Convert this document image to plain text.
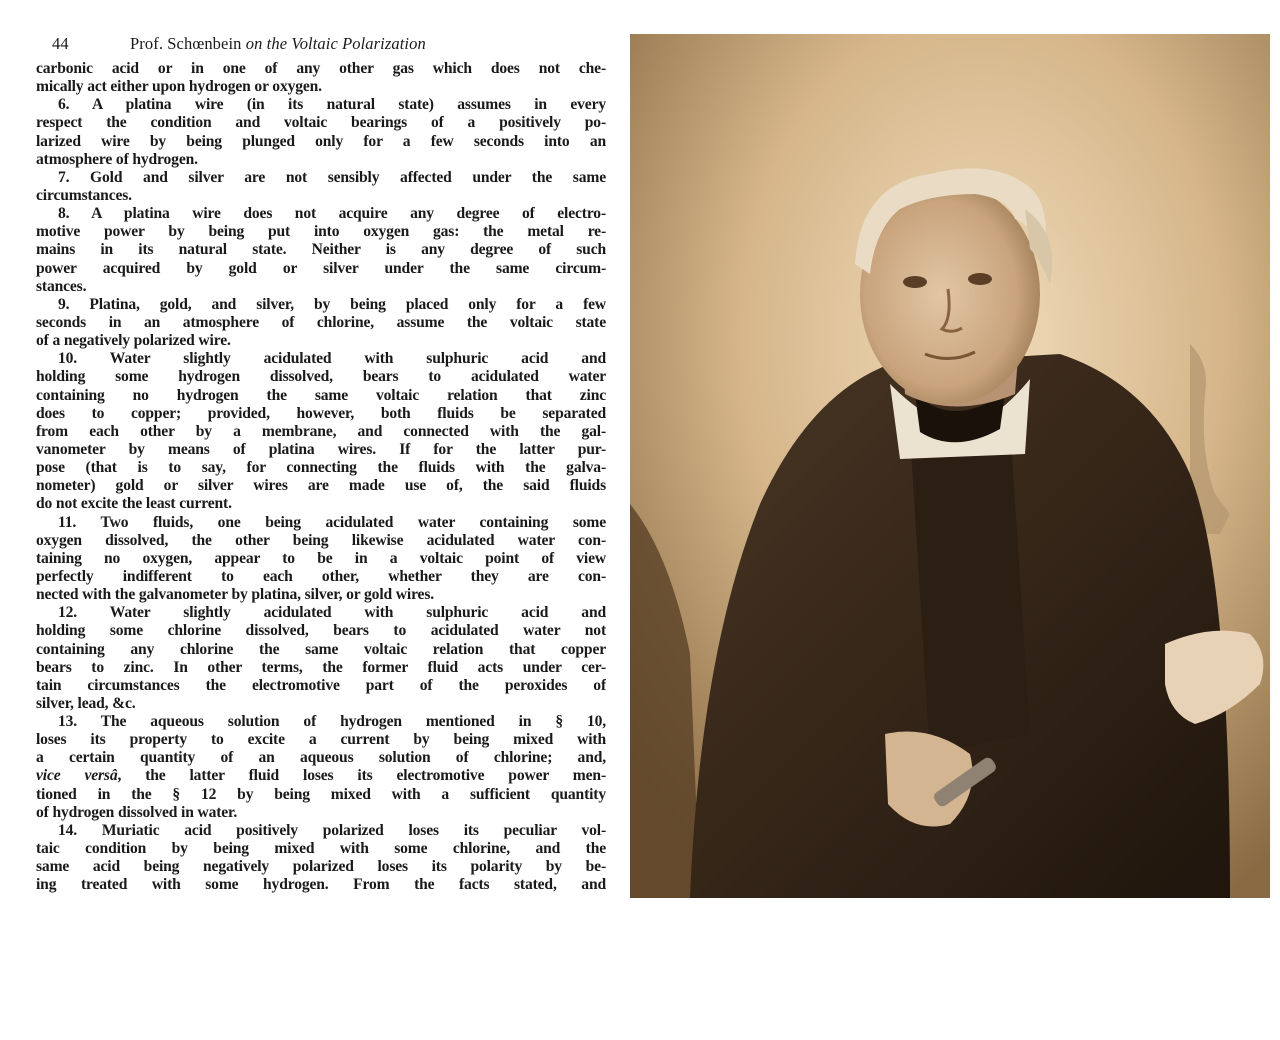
44	Prof. Schœnbein
on the Voltaic Polarization
carbonic acid or in one of any other gas which does not che-
mically act either upon hydrogen or oxygen.
6. A platina wire (in its natural state) assumes in every
respect the condition and voltaic bearings of a positively po-
larized wire by being plunged only for a few seconds into an
atmosphere of hydrogen.
7. Gold and silver are not sensibly affected under the same
circumstances.
8. A platina wire does not acquire any degree of electro-
motive power by being put into oxygen gas: the metal re-
mains in its natural state. Neither is any degree of such
power acquired by gold or silver under the same circum-
stances.
9. Platina, gold, and silver, by being placed only for a few
seconds in an atmosphere of chlorine, assume the voltaic state
of a negatively polarized wire.
10. Water slightly acidulated with sulphuric acid and
holding some hydrogen dissolved, bears to acidulated water
containing no hydrogen the same voltaic relation that zinc
does to copper; provided, however, both fluids be separated
from each other by a membrane, and connected with the gal-
vanometer by means of platina wires. If for the latter pur-
pose (that is to say, for connecting the fluids with the galva-
nometer) gold or silver wires are made use of, the said fluids
do not excite the least current.
11. Two fluids, one being acidulated water containing some
oxygen dissolved, the other being likewise acidulated water con-
taining no oxygen, appear to be in a voltaic point of view
perfectly indifferent to each other, whether they are con-
nected with the galvanometer by platina, silver, or gold wires.
12. Water slightly acidulated with sulphuric acid and
holding some chlorine dissolved, bears to acidulated water not
containing any chlorine the same voltaic relation that copper
bears to zinc. In other terms, the former fluid acts under cer-
tain circumstances the electromotive part of the peroxides of
silver, lead, &c.
13. The aqueous solution of hydrogen mentioned in § 10,
loses its property to excite a current by being mixed with
a certain quantity of an aqueous solution of chlorine; and,
vice versâ, the latter fluid loses its electromotive power men-
tioned in the § 12 by being mixed with a sufficient quantity
of hydrogen dissolved in water.
14. Muriatic acid positively polarized loses its peculiar vol-
taic condition by being mixed with some chlorine, and the
same acid being negatively polarized loses its polarity by be-
ing treated with some hydrogen. From the facts stated, and
